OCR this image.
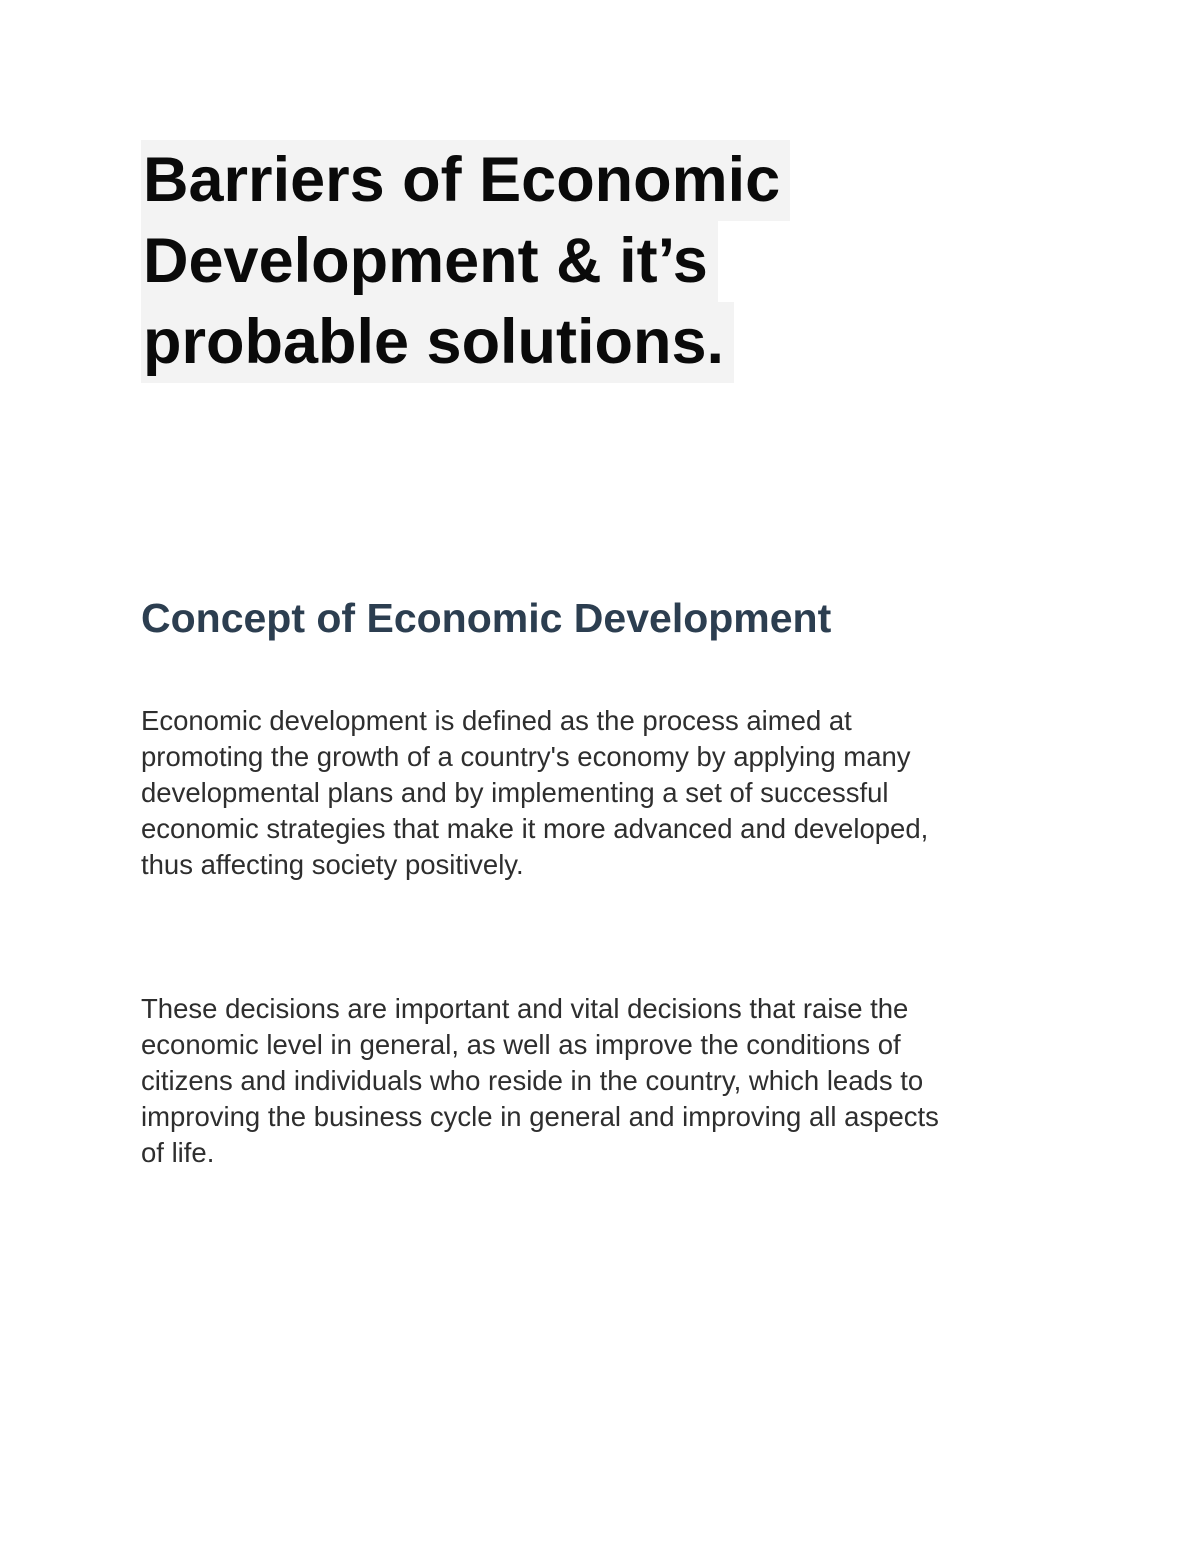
Barriers of Economic
Development & it’s
probable solutions.
Concept of Economic Development

Economic development is defined as the process aimed at
promoting the growth of a country's economy by applying many
developmental plans and by implementing a set of successful
economic strategies that make it more advanced and developed,
thus affecting society positively.

These decisions are important and vital decisions that raise the
economic level in general, as well as improve the conditions of
citizens and individuals who reside in the country, which leads to
improving the business cycle in general and improving all aspects
of life.
